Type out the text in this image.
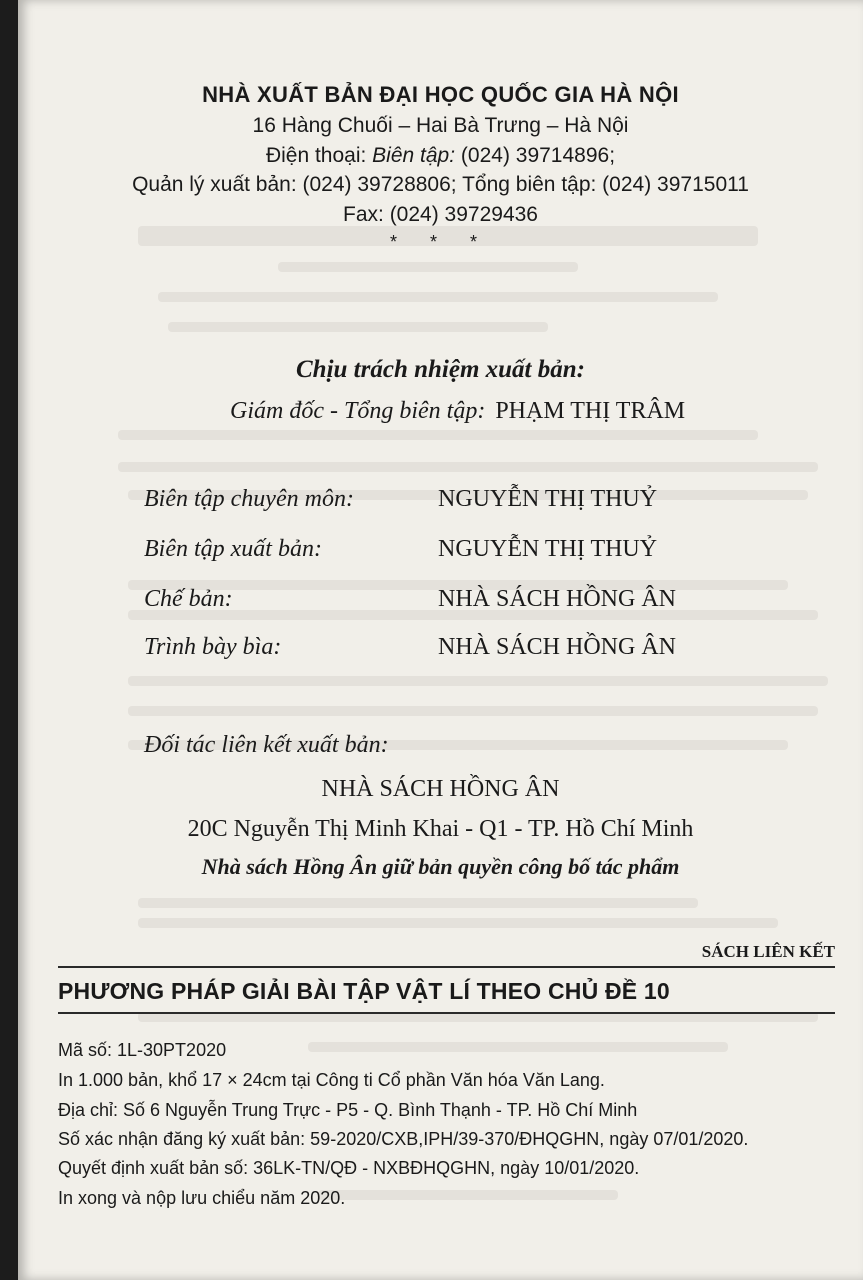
NHÀ XUẤT BẢN ĐẠI HỌC QUỐC GIA HÀ NỘI
16 Hàng Chuối – Hai Bà Trưng – Hà Nội
Điện thoại: Biên tập: (024) 39714896;
Quản lý xuất bản: (024) 39728806; Tổng biên tập: (024) 39715011
Fax: (024) 39729436
* * *
Chịu trách nhiệm xuất bản:
Giám đốc - Tổng biên tập: PHẠM THỊ TRÂM
Biên tập chuyên môn:	NGUYỄN THỊ THUỶ
Biên tập xuất bản:	NGUYỄN THỊ THUỶ
Chế bản:	NHÀ SÁCH HỒNG ÂN
Trình bày bìa:	NHÀ SÁCH HỒNG ÂN
Đối tác liên kết xuất bản:
NHÀ SÁCH HỒNG ÂN
20C Nguyễn Thị Minh Khai - Q1 - TP. Hồ Chí Minh
Nhà sách Hồng Ân giữ bản quyền công bố tác phẩm
SÁCH LIÊN KẾT
PHƯƠNG PHÁP GIẢI BÀI TẬP VẬT LÍ THEO CHỦ ĐỀ 10
Mã số: 1L-30PT2020
In 1.000 bản, khổ 17 × 24cm tại Công ti Cổ phần Văn hóa Văn Lang.
Địa chỉ: Số 6 Nguyễn Trung Trực - P5 - Q. Bình Thạnh - TP. Hồ Chí Minh
Số xác nhận đăng ký xuất bản: 59-2020/CXB,IPH/39-370/ĐHQGHN, ngày 07/01/2020.
Quyết định xuất bản số: 36LK-TN/QĐ - NXBĐHQGHN, ngày 10/01/2020.
In xong và nộp lưu chiểu năm 2020.
